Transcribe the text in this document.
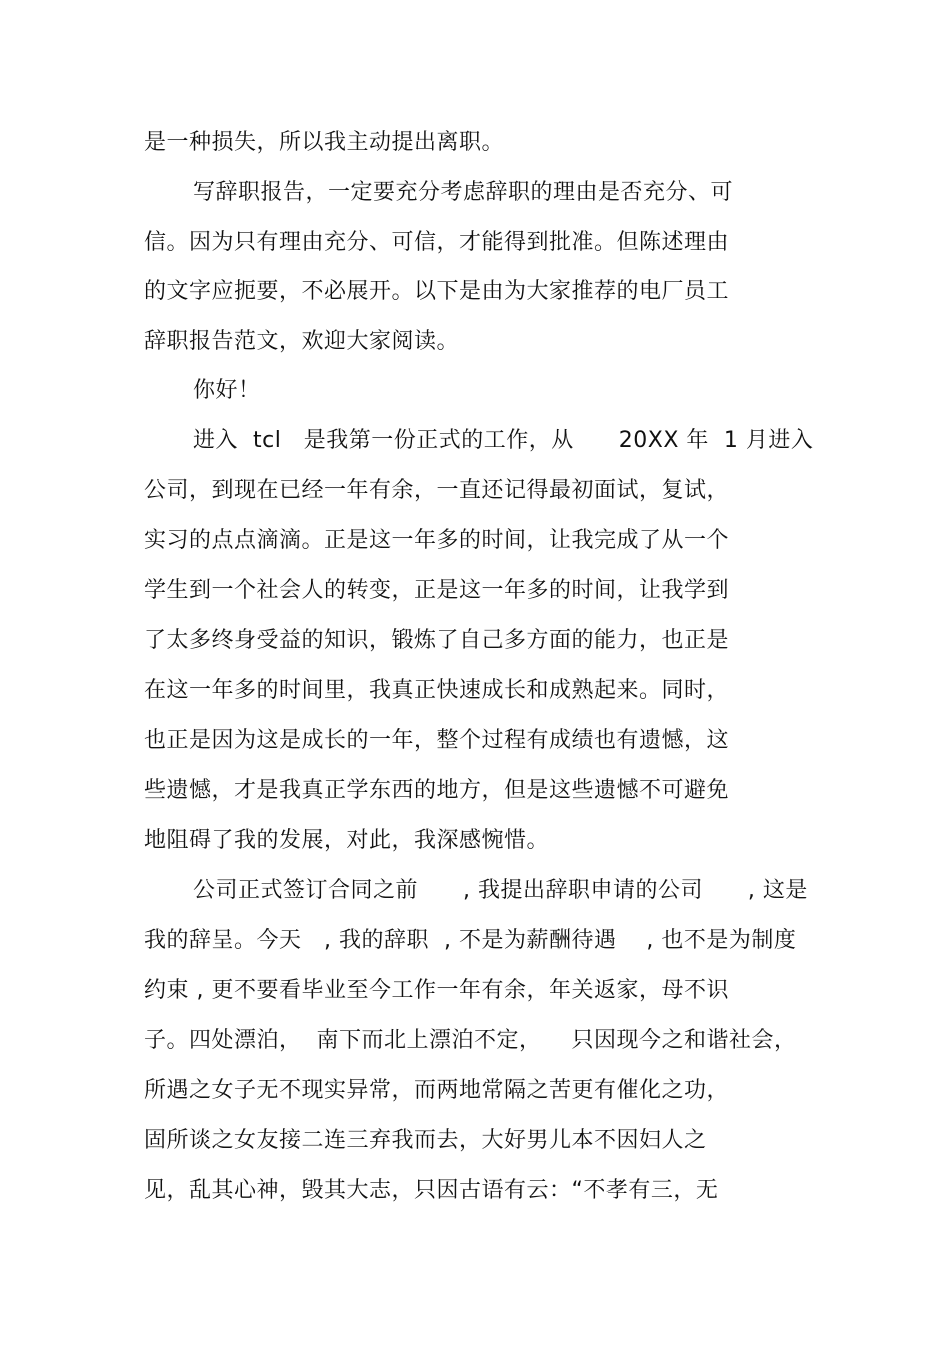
是一种损失，所以我主动提出离职。
写辞职报告，一定要充分考虑辞职的理由是否充分、可
信。因为只有理由充分、可信，才能得到批准。但陈述理由
的文字应扼要，不必展开。以下是由为大家推荐的电厂员工
辞职报告范文，欢迎大家阅读。
你好！
进入  tcl   是我第一份正式的工作，从      20XX 年  1 月进入
公司，到现在已经一年有余，一直还记得最初面试，复试，
实习的点点滴滴。正是这一年多的时间，让我完成了从一个
学生到一个社会人的转变，正是这一年多的时间，让我学到
了太多终身受益的知识，锻炼了自己多方面的能力，也正是
在这一年多的时间里，我真正快速成长和成熟起来。同时，
也正是因为这是成长的一年，整个过程有成绩也有遗憾，这
些遗憾，才是我真正学东西的地方，但是这些遗憾不可避免
地阻碍了我的发展，对此，我深感惋惜。
公司正式签订合同之前      , 我提出辞职申请的公司      , 这是
我的辞呈。今天   , 我的辞职  , 不是为薪酬待遇    , 也不是为制度
约束 , 更不要看毕业至今工作一年有余，年关返家，母不识
子。四处漂泊，  南下而北上漂泊不定，    只因现今之和谐社会，
所遇之女子无不现实异常，而两地常隔之苦更有催化之功，
固所谈之女友接二连三弃我而去，大好男儿本不因妇人之
见，乱其心神，毁其大志，只因古语有云：“不孝有三，无
